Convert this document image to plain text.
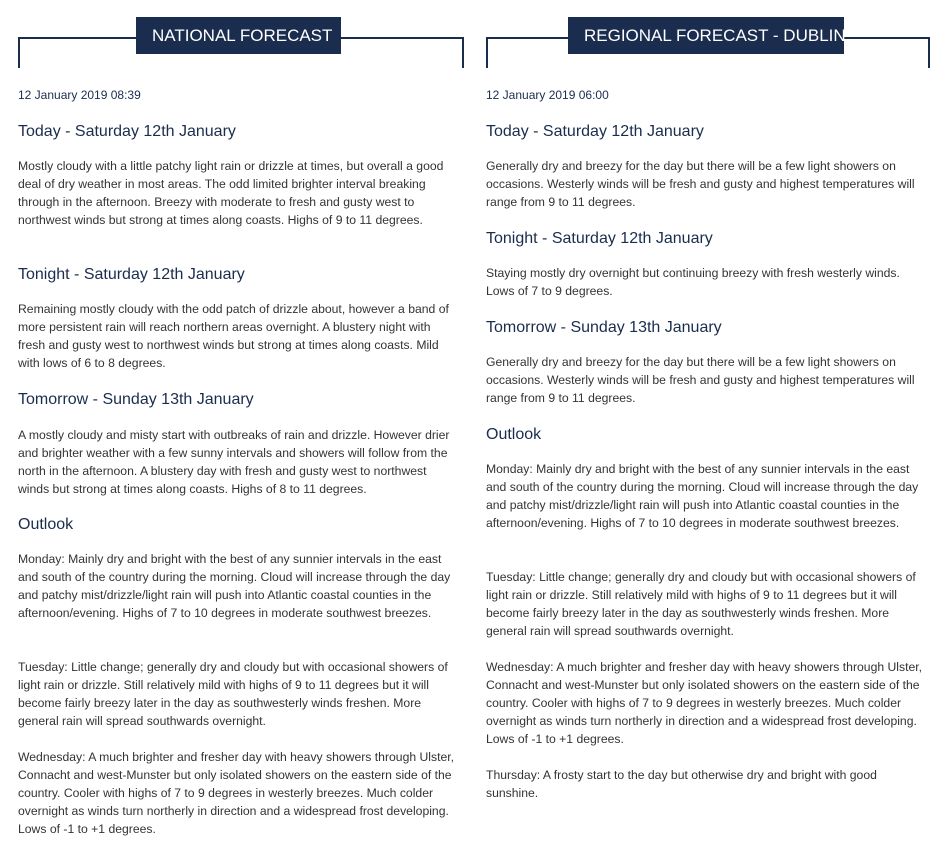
NATIONAL FORECAST
12 January 2019 08:39
Today - Saturday 12th January

Mostly cloudy with a little patchy light rain or drizzle at times, but overall a good deal of dry weather in most areas. The odd limited brighter interval breaking through in the afternoon. Breezy with moderate to fresh and gusty west to northwest winds but strong at times along coasts. Highs of 9 to 11 degrees.

Tonight - Saturday 12th January

Remaining mostly cloudy with the odd patch of drizzle about, however a band of more persistent rain will reach northern areas overnight. A blustery night with fresh and gusty west to northwest winds but strong at times along coasts. Mild with lows of 6 to 8 degrees.

Tomorrow - Sunday 13th January

A mostly cloudy and misty start with outbreaks of rain and drizzle. However drier and brighter weather with a few sunny intervals and showers will follow from the north in the afternoon. A blustery day with fresh and gusty west to northwest winds but strong at times along coasts. Highs of 8 to 11 degrees.

Outlook

Monday: Mainly dry and bright with the best of any sunnier intervals in the east and south of the country during the morning. Cloud will increase through the day and patchy mist/drizzle/light rain will push into Atlantic coastal counties in the afternoon/evening. Highs of 7 to 10 degrees in moderate southwest breezes.

Tuesday: Little change; generally dry and cloudy but with occasional showers of light rain or drizzle. Still relatively mild with highs of 9 to 11 degrees but it will become fairly breezy later in the day as southwesterly winds freshen. More general rain will spread southwards overnight.

Wednesday: A much brighter and fresher day with heavy showers through Ulster, Connacht and west-Munster but only isolated showers on the eastern side of the country. Cooler with highs of 7 to 9 degrees in westerly breezes. Much colder overnight as winds turn northerly in direction and a widespread frost developing. Lows of -1 to +1 degrees.

REGIONAL FORECAST - DUBLIN
12 January 2019 06:00
Today - Saturday 12th January

Generally dry and breezy for the day but there will be a few light showers on occasions. Westerly winds will be fresh and gusty and highest temperatures will range from 9 to 11 degrees.

Tonight - Saturday 12th January

Staying mostly dry overnight but continuing breezy with fresh westerly winds. Lows of 7 to 9 degrees.

Tomorrow - Sunday 13th January

Generally dry and breezy for the day but there will be a few light showers on occasions. Westerly winds will be fresh and gusty and highest temperatures will range from 9 to 11 degrees.

Outlook

Monday: Mainly dry and bright with the best of any sunnier intervals in the east and south of the country during the morning. Cloud will increase through the day and patchy mist/drizzle/light rain will push into Atlantic coastal counties in the afternoon/evening. Highs of 7 to 10 degrees in moderate southwest breezes.

Tuesday: Little change; generally dry and cloudy but with occasional showers of light rain or drizzle. Still relatively mild with highs of 9 to 11 degrees but it will become fairly breezy later in the day as southwesterly winds freshen. More general rain will spread southwards overnight.

Wednesday: A much brighter and fresher day with heavy showers through Ulster, Connacht and west-Munster but only isolated showers on the eastern side of the country. Cooler with highs of 7 to 9 degrees in westerly breezes. Much colder overnight as winds turn northerly in direction and a widespread frost developing. Lows of -1 to +1 degrees.

Thursday: A frosty start to the day but otherwise dry and bright with good sunshine.
